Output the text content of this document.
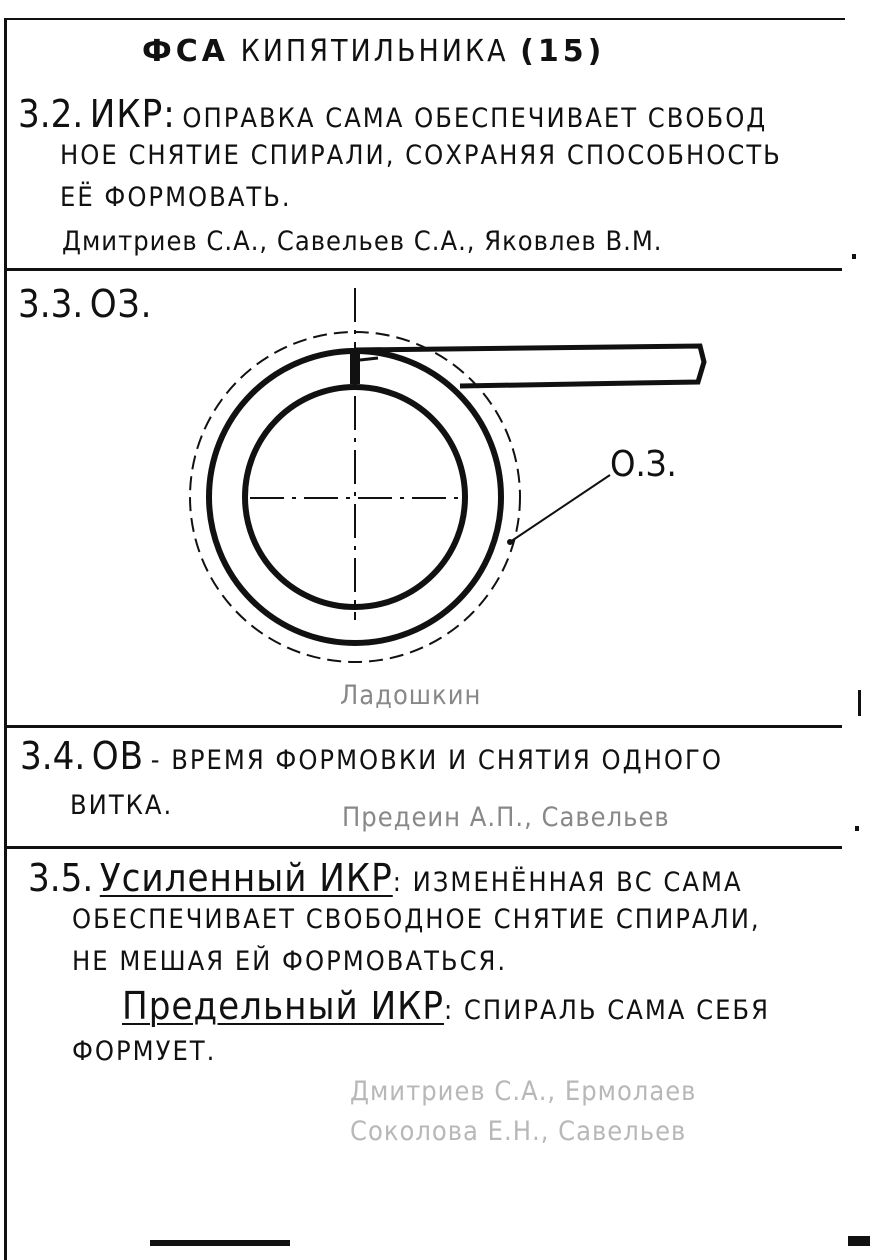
ФСА КИПЯТИЛЬНИКА (15)
3.2. ИКР: ОПРАВКА САМА ОБЕСПЕЧИВАЕТ СВОБОД
НОЕ СНЯТИЕ СПИРАЛИ, СОХРАНЯЯ СПОСОБНОСТЬ
ЕЁ ФОРМОВАТЬ.
Дмитриев С.А., Савельев С.А., Яковлев В.М.
3.3. ОЗ.
О.З.
Ладошкин
3.4. ОВ - ВРЕМЯ ФОРМОВКИ И СНЯТИЯ ОДНОГО
ВИТКА.	Предеин А.П., Савельев
3.5. Усиленный ИКР: ИЗМЕНЁННАЯ ВС САМА
ОБЕСПЕЧИВАЕТ СВОБОДНОЕ СНЯТИЕ СПИРАЛИ,
НЕ МЕШАЯ ЕЙ ФОРМОВАТЬСЯ.
Предельный ИКР: СПИРАЛЬ САМА СЕБЯ
ФОРМУЕТ.
Дмитриев С.А., Ермолаев
Соколова Е.Н., Савельев
